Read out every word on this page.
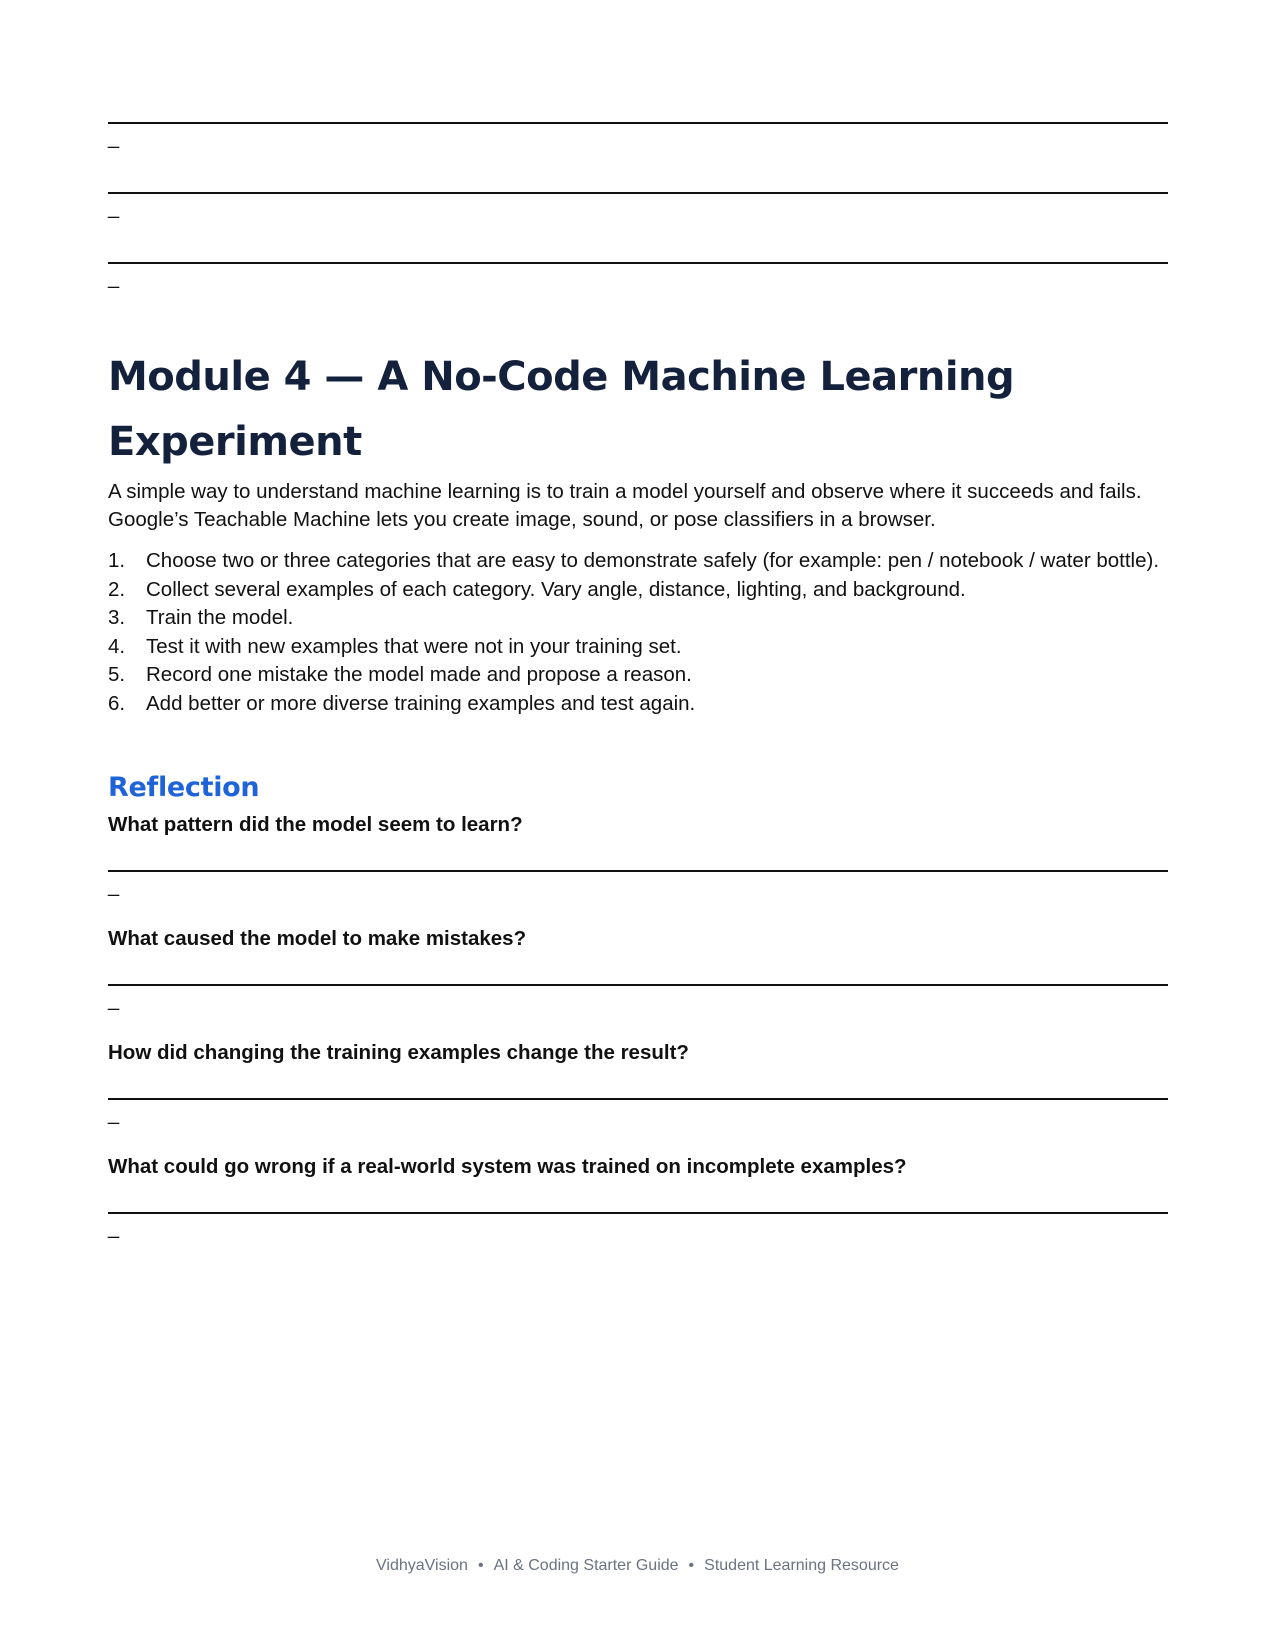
_
_
_
Module 4 — A No-Code Machine Learning Experiment

A simple way to understand machine learning is to train a model yourself and observe where it succeeds and fails. Google’s Teachable Machine lets you create image, sound, or pose classifiers in a browser.

1.	Choose two or three categories that are easy to demonstrate safely (for example: pen / notebook / water bottle).
2.	Collect several examples of each category. Vary angle, distance, lighting, and background.
3.	Train the model.
4.	Test it with new examples that were not in your training set.
5.	Record one mistake the model made and propose a reason.
6.	Add better or more diverse training examples and test again.
Reflection

What pattern did the model seem to learn?

_

What caused the model to make mistakes?

_

How did changing the training examples change the result?

_

What could go wrong if a real-world system was trained on incomplete examples?

_
VidhyaVision • AI & Coding Starter Guide • Student Learning Resource
